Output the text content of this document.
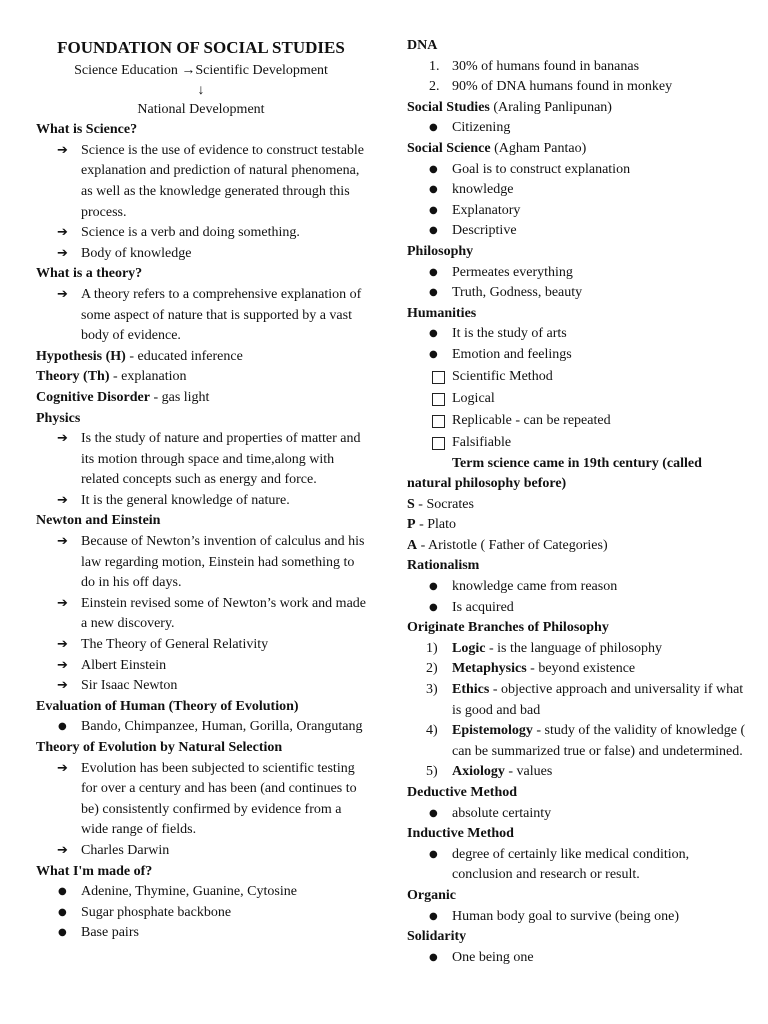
FOUNDATION OF SOCIAL STUDIES
Science Education →Scientific Development
↓
National Development
What is Science?
➔ Science is the use of evidence to construct testable explanation and prediction of natural phenomena, as well as the knowledge generated through this process.
➔ Science is a verb and doing something.
➔ Body of knowledge
What is a theory?
➔ A theory refers to a comprehensive explanation of some aspect of nature that is supported by a vast body of evidence.
Hypothesis (H) - educated inference
Theory (Th) - explanation
Cognitive Disorder - gas light
Physics
➔ Is the study of nature and properties of matter and its motion through space and time,along with related concepts such as energy and force.
➔ It is the general knowledge of nature.
Newton and Einstein
➔ Because of Newton’s invention of calculus and his law regarding motion, Einstein had something to do in his off days.
➔ Einstein revised some of Newton’s work and made a new discovery.
➔ The Theory of General Relativity
➔ Albert Einstein
➔ Sir Isaac Newton
Evaluation of Human (Theory of Evolution)
● Bando, Chimpanzee, Human, Gorilla, Orangutang
Theory of Evolution by Natural Selection
➔ Evolution has been subjected to scientific testing for over a century and has been (and continues to be) consistently confirmed by evidence from a wide range of fields.
➔ Charles Darwin
What I'm made of?
● Adenine, Thymine, Guanine, Cytosine
● Sugar phosphate backbone
● Base pairs
DNA
1. 30% of humans found in bananas
2. 90% of DNA humans found in monkey
Social Studies (Araling Panlipunan)
● Citizening
Social Science (Agham Pantao)
● Goal is to construct explanation
● knowledge
● Explanatory
● Descriptive
Philosophy
● Permeates everything
● Truth, Godness, beauty
Humanities
● It is the study of arts
● Emotion and feelings
Scientific Method
Logical
Replicable - can be repeated
Falsifiable
Term science came in 19th century (called
natural philosophy before)
S - Socrates
P - Plato
A - Aristotle ( Father of Categories)
Rationalism
● knowledge came from reason
● Is acquired
Originate Branches of Philosophy
1) Logic - is the language of philosophy
2) Metaphysics - beyond existence
3) Ethics - objective approach and universality if what is good and bad
4) Epistemology - study of the validity of knowledge ( can be summarized true or false) and undetermined.
5) Axiology - values
Deductive Method
● absolute certainty
Inductive Method
● degree of certainly like medical condition, conclusion and research or result.
Organic
● Human body goal to survive (being one)
Solidarity
● One being one
